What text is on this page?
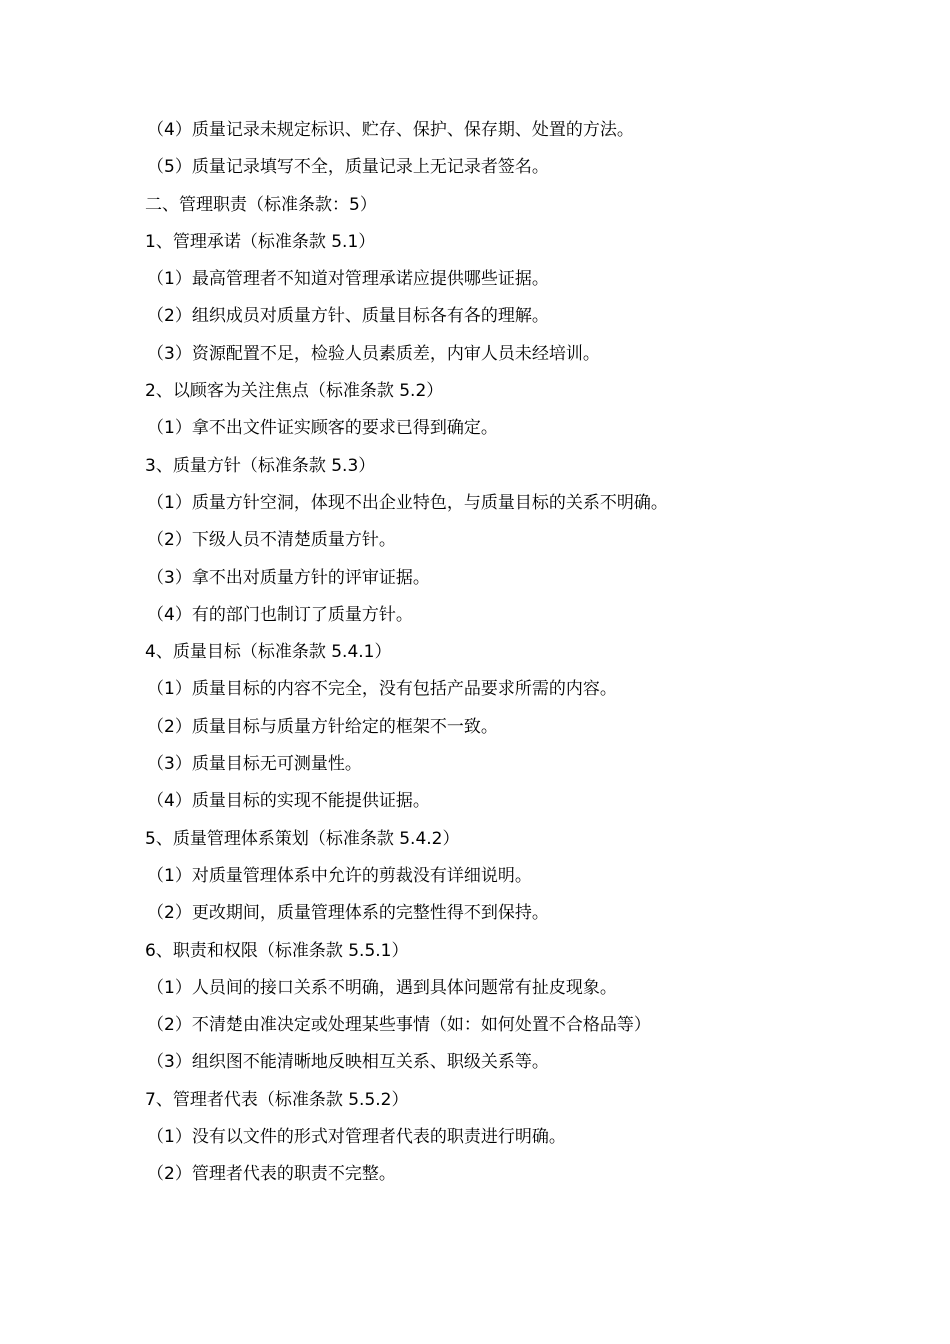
（4）质量记录未规定标识、贮存、保护、保存期、处置的方法。
（5）质量记录填写不全，质量记录上无记录者签名。
二、管理职责（标准条款：5）
1、管理承诺（标准条款 5.1）
（1）最高管理者不知道对管理承诺应提供哪些证据。
（2）组织成员对质量方针、质量目标各有各的理解。
（3）资源配置不足，检验人员素质差，内审人员未经培训。
2、以顾客为关注焦点（标准条款 5.2）
（1）拿不出文件证实顾客的要求已得到确定。
3、质量方针（标准条款 5.3）
（1）质量方针空洞，体现不出企业特色，与质量目标的关系不明确。
（2）下级人员不清楚质量方针。
（3）拿不出对质量方针的评审证据。
（4）有的部门也制订了质量方针。
4、质量目标（标准条款 5.4.1）
（1）质量目标的内容不完全，没有包括产品要求所需的内容。
（2）质量目标与质量方针给定的框架不一致。
（3）质量目标无可测量性。
（4）质量目标的实现不能提供证据。
5、质量管理体系策划（标准条款 5.4.2）
（1）对质量管理体系中允许的剪裁没有详细说明。
（2）更改期间，质量管理体系的完整性得不到保持。
6、职责和权限（标准条款 5.5.1）
（1）人员间的接口关系不明确，遇到具体问题常有扯皮现象。
（2）不清楚由准决定或处理某些事情（如：如何处置不合格品等）
（3）组织图不能清晰地反映相互关系、职级关系等。
7、管理者代表（标准条款 5.5.2）
（1）没有以文件的形式对管理者代表的职责进行明确。
（2）管理者代表的职责不完整。
